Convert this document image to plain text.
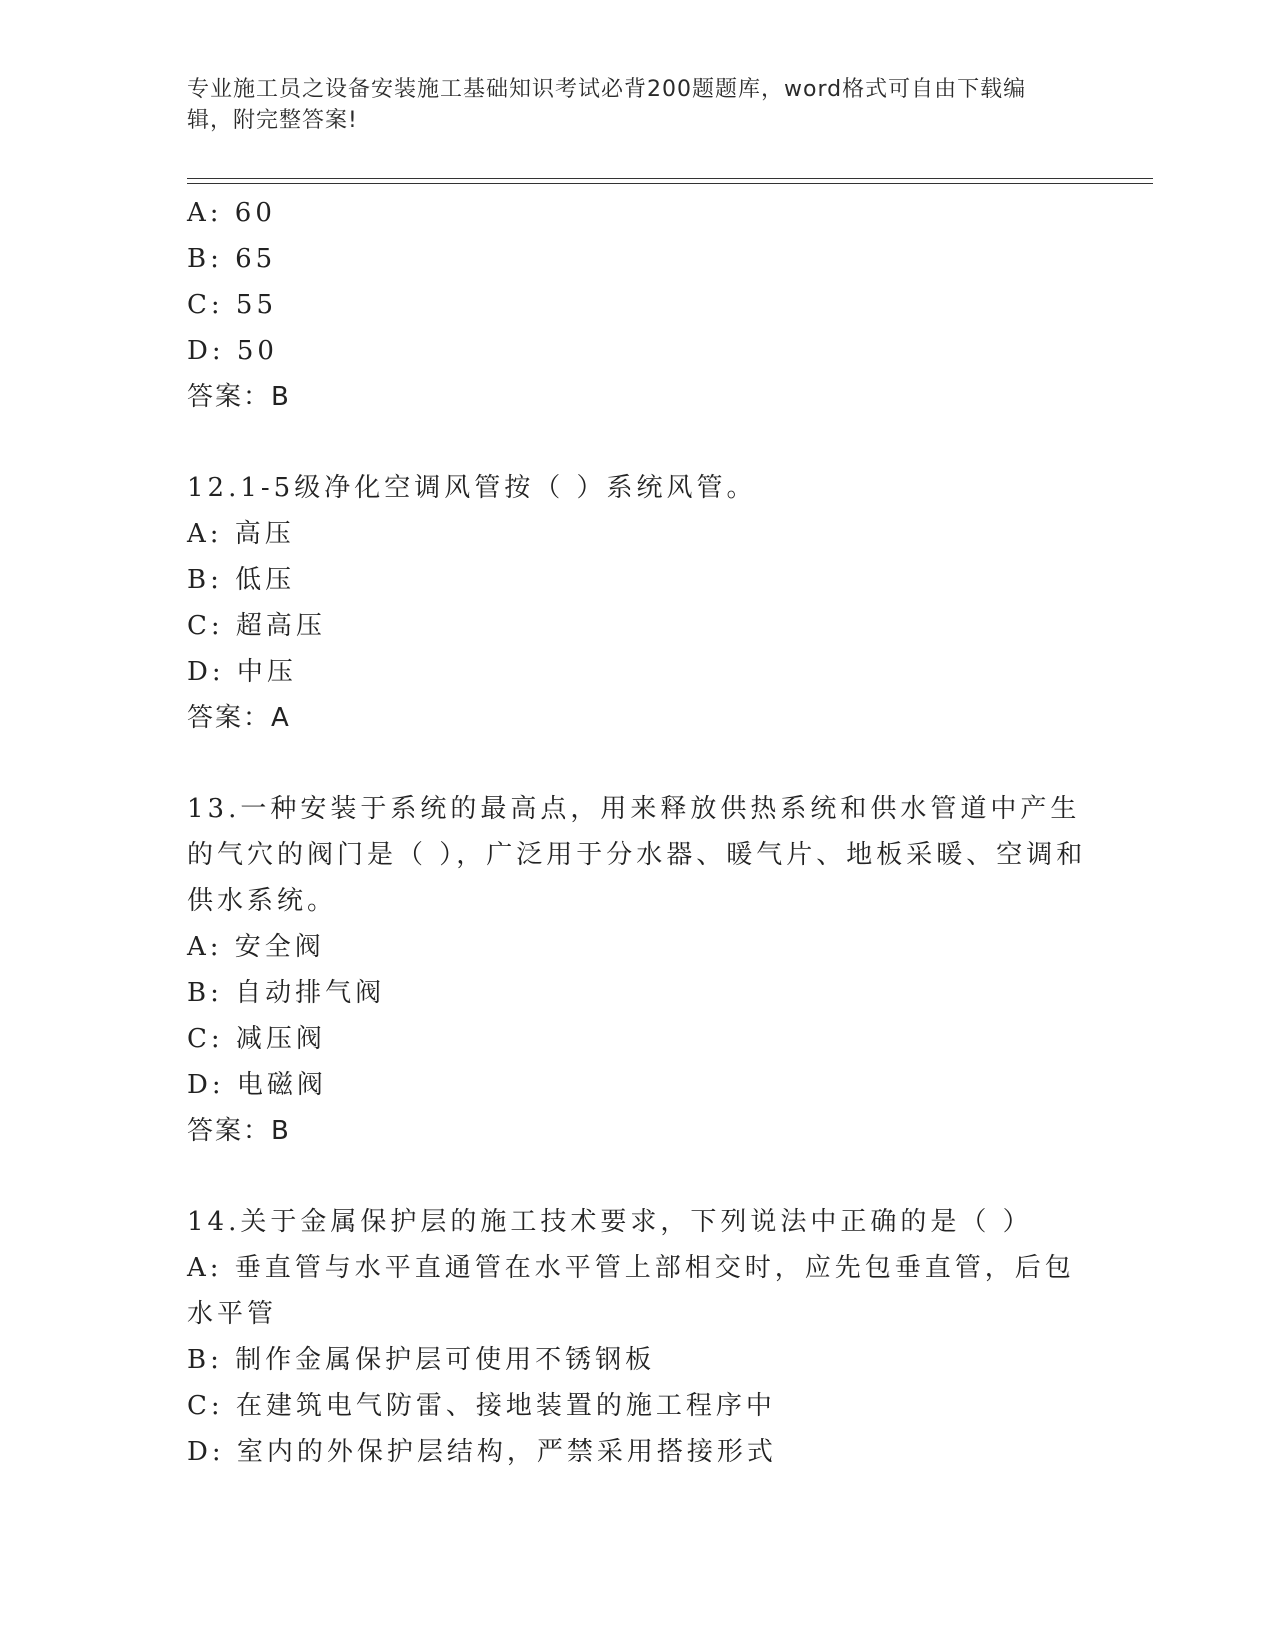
专业施工员之设备安装施工基础知识考试必背200题题库，word格式可自由下载编辑，附完整答案!
A: 60
B: 65
C: 55
D: 50
答案：B
12.1-5级净化空调风管按（ ）系统风管。
A: 高压
B: 低压
C: 超高压
D: 中压
答案：A
13.一种安装于系统的最高点，用来释放供热系统和供水管道中产生的气穴的阀门是（ ），广泛用于分水器、暖气片、地板采暖、空调和供水系统。
A: 安全阀
B: 自动排气阀
C: 减压阀
D: 电磁阀
答案：B
14.关于金属保护层的施工技术要求，下列说法中正确的是（ ）
A: 垂直管与水平直通管在水平管上部相交时，应先包垂直管，后包水平管
B: 制作金属保护层可使用不锈钢板
C: 在建筑电气防雷、接地装置的施工程序中
D: 室内的外保护层结构，严禁采用搭接形式
